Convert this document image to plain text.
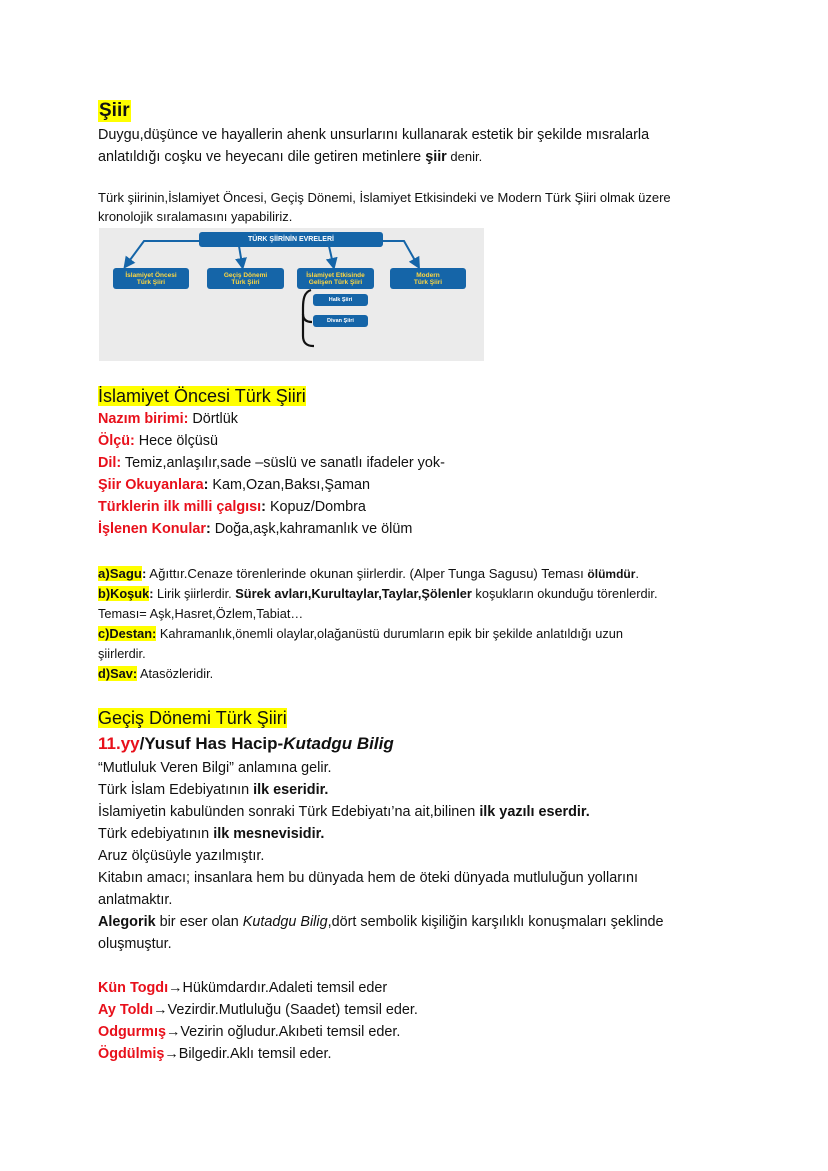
Şiir
Duygu,düşünce ve hayallerin ahenk unsurlarını kullanarak estetik bir şekilde mısralarla
anlatıldığı coşku ve heyecanı dile getiren metinlere şiir denir.
Türk şiirinin,İslamiyet Öncesi, Geçiş Dönemi, İslamiyet Etkisindeki ve Modern Türk Şiiri olmak üzere
kronolojik sıralamasını yapabiliriz.
TÜRK ŞİİRİNİN EVRELERİ
İslamiyet Öncesi
Türk Şiiri
Geçiş Dönemi
Türk Şiiri
İslamiyet Etkisinde
Gelişen Türk Şiiri
Modern
Türk Şiiri
Halk Şiiri
Divan Şiiri
İslamiyet Öncesi Türk Şiiri
Nazım birimi: Dörtlük
Ölçü: Hece ölçüsü
Dil: Temiz,anlaşılır,sade –süslü ve sanatlı ifadeler yok-
Şiir Okuyanlara: Kam,Ozan,Baksı,Şaman
Türklerin ilk milli çalgısı: Kopuz/Dombra
İşlenen Konular: Doğa,aşk,kahramanlık ve ölüm
a)Sagu: Ağıttır.Cenaze törenlerinde okunan şiirlerdir. (Alper Tunga Sagusu) Teması ölümdür.
b)Koşuk: Lirik şiirlerdir. Sürek avları,Kurultaylar,Taylar,Şölenler koşukların okunduğu törenlerdir.
Teması= Aşk,Hasret,Özlem,Tabiat…
c)Destan: Kahramanlık,önemli olaylar,olağanüstü durumların epik bir şekilde anlatıldığı uzun
şiirlerdir.
d)Sav: Atasözleridir.
Geçiş Dönemi Türk Şiiri
11.yy/Yusuf Has Hacip-Kutadgu Bilig
“Mutluluk Veren Bilgi” anlamına gelir.
Türk İslam Edebiyatının ilk eseridir.
İslamiyetin kabulünden sonraki Türk Edebiyatı’na ait,bilinen ilk yazılı eserdir.
Türk edebiyatının ilk mesnevisidir.
Aruz ölçüsüyle yazılmıştır.
Kitabın amacı; insanlara hem bu dünyada hem de öteki dünyada mutluluğun yollarını
anlatmaktır.
Alegorik bir eser olan Kutadgu Bilig,dört sembolik kişiliğin karşılıklı konuşmaları şeklinde
oluşmuştur.
Kün Togdı→Hükümdardır.Adaleti temsil eder
Ay Toldı→Vezirdir.Mutluluğu (Saadet) temsil eder.
Odgurmış→Vezirin oğludur.Akıbeti temsil eder.
Ögdülmiş→Bilgedir.Aklı temsil eder.
